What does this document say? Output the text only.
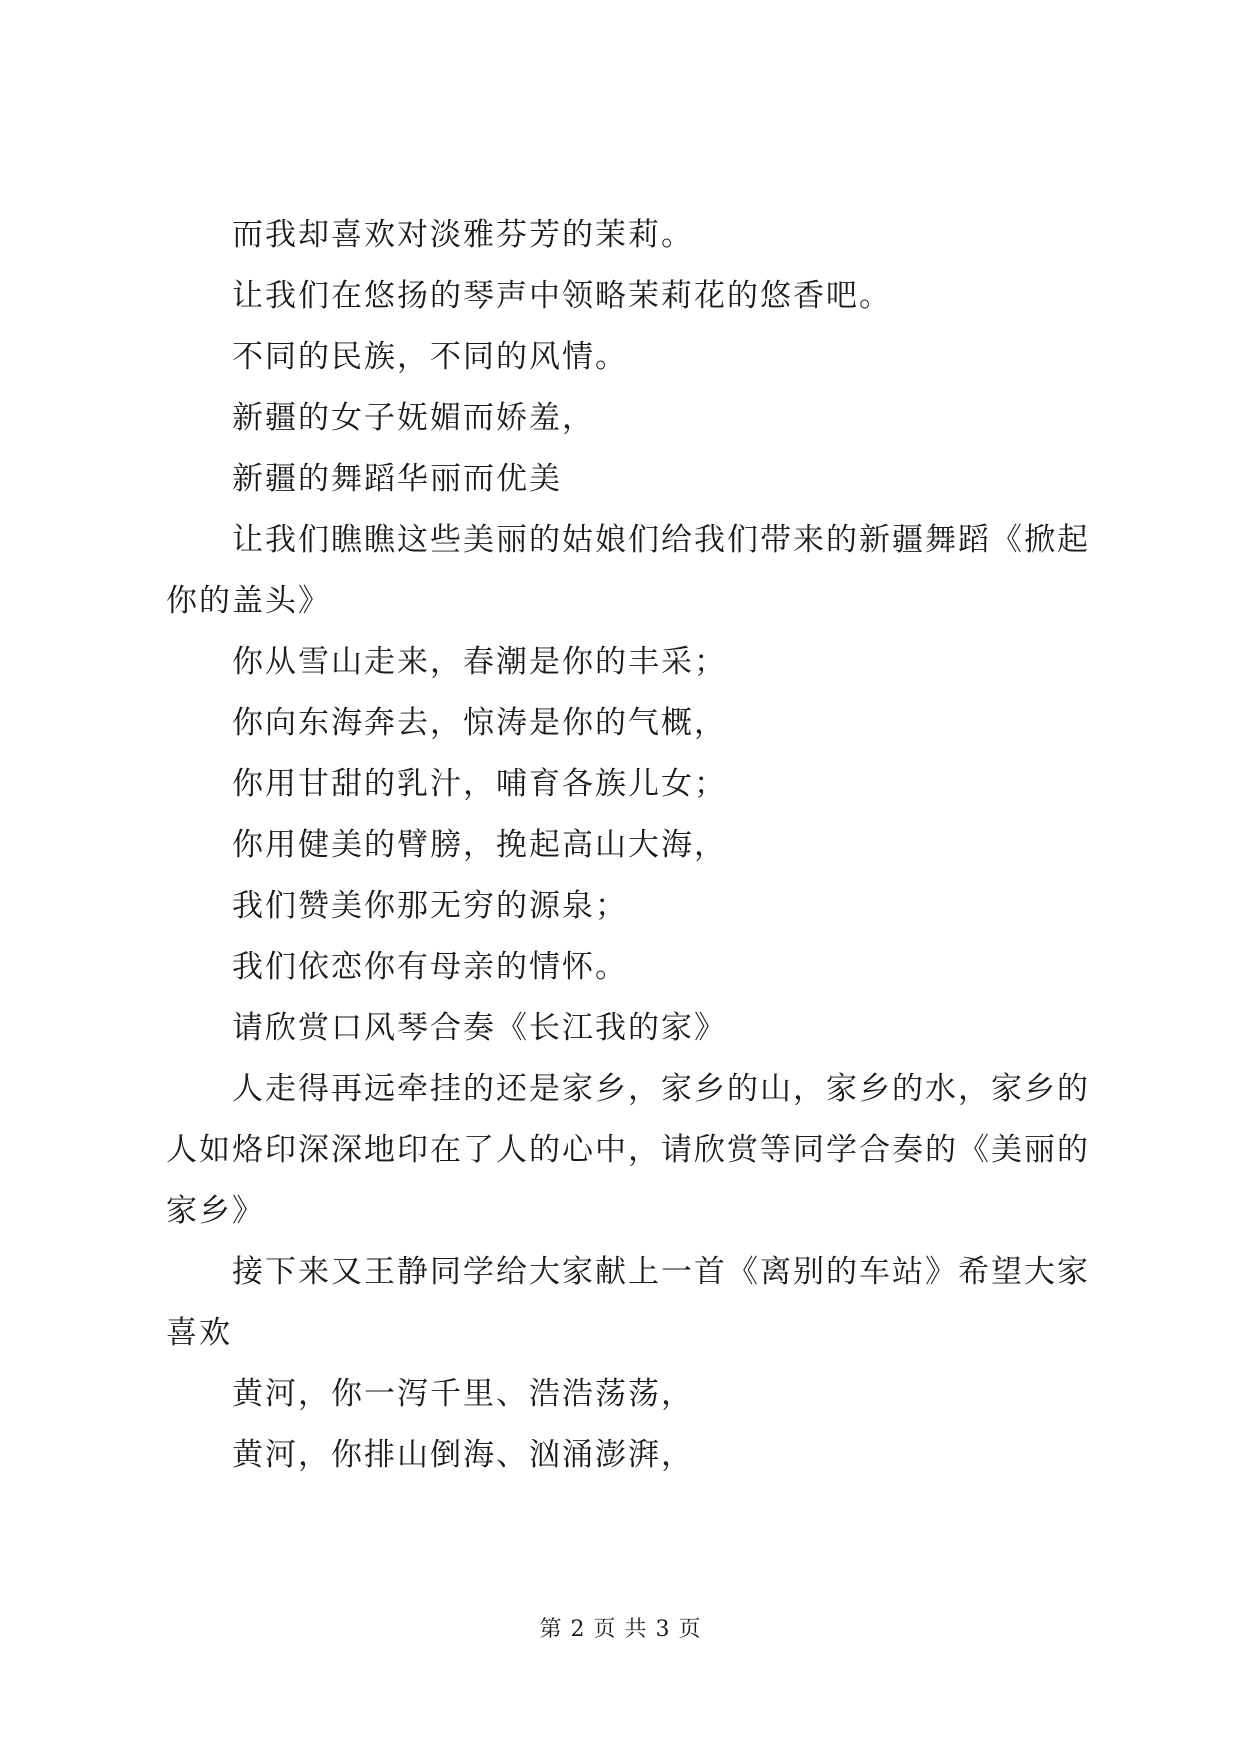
而我却喜欢对淡雅芬芳的茉莉。

让我们在悠扬的琴声中领略茉莉花的悠香吧。

不同的民族，不同的风情。

新疆的女子妩媚而娇羞，

新疆的舞蹈华丽而优美

让我们瞧瞧这些美丽的姑娘们给我们带来的新疆舞蹈《掀起你的盖头》

你从雪山走来，春潮是你的丰采；

你向东海奔去，惊涛是你的气概，

你用甘甜的乳汁，哺育各族儿女；

你用健美的臂膀，挽起高山大海，

我们赞美你那无穷的源泉；

我们依恋你有母亲的情怀。

请欣赏口风琴合奏《长江我的家》

人走得再远牵挂的还是家乡，家乡的山，家乡的水，家乡的人如烙印深深地印在了人的心中，请欣赏等同学合奏的《美丽的家乡》

接下来又王静同学给大家献上一首《离别的车站》希望大家喜欢

黄河，你一泻千里、浩浩荡荡，

黄河，你排山倒海、汹涌澎湃，

第 2 页 共 3 页
